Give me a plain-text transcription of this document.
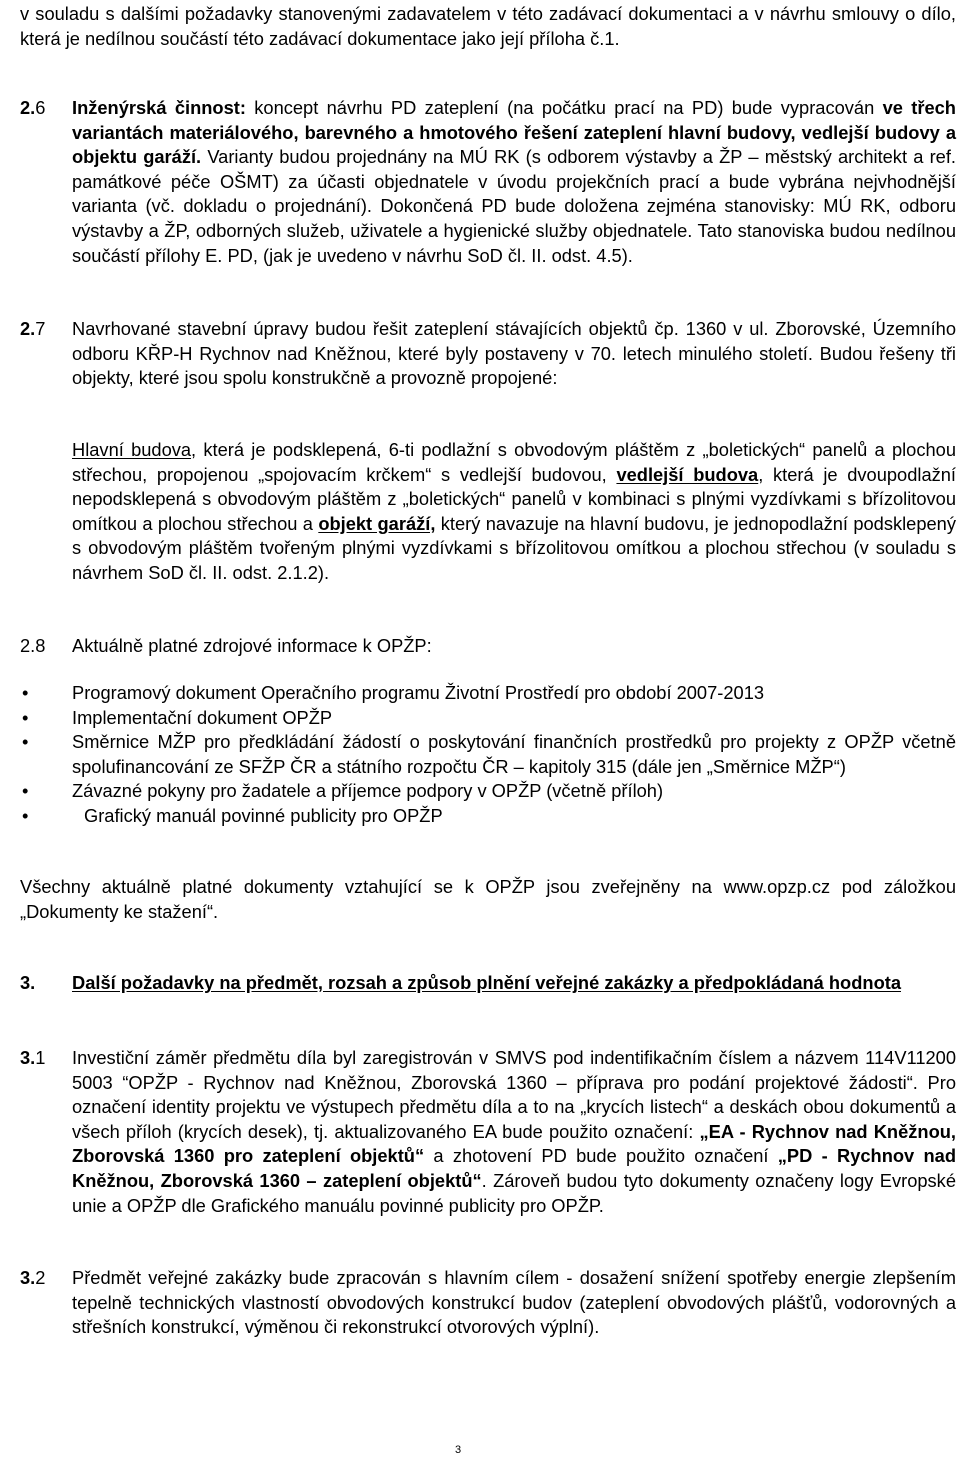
v souladu s dalšími požadavky stanovenými zadavatelem v této zadávací dokumentaci a v návrhu smlouvy o dílo, která je nedílnou součástí této zadávací dokumentace jako její příloha č.1.

2.6 Inženýrská činnost: koncept návrhu PD zateplení (na počátku prací na PD) bude vypracován ve třech variantách materiálového, barevného a hmotového řešení zateplení hlavní budovy, vedlejší budovy a objektu garáží. Varianty budou projednány na MÚ RK (s odborem výstavby a ŽP – městský architekt a ref. památkové péče OŠMT) za účasti objednatele v úvodu projekčních prací a bude vybrána nejvhodnější varianta (vč. dokladu o projednání). Dokončená PD bude doložena zejména stanovisky: MÚ RK, odboru výstavby a ŽP, odborných služeb, uživatele a hygienické služby objednatele. Tato stanoviska budou nedílnou součástí přílohy E. PD, (jak je uvedeno v návrhu SoD čl. II. odst. 4.5).

2.7 Navrhované stavební úpravy budou řešit zateplení stávajících objektů čp. 1360 v ul. Zborovské, Územního odboru KŘP-H Rychnov nad Kněžnou, které byly postaveny v 70. letech minulého století. Budou řešeny tři objekty, které jsou spolu konstrukčně a provozně propojené:

Hlavní budova, která je podsklepená, 6-ti podlažní s obvodovým pláštěm z „boletických“ panelů a plochou střechou, propojenou „spojovacím krčkem“ s vedlejší budovou, vedlejší budova, která je dvoupodlažní nepodsklepená s obvodovým pláštěm z „boletických“ panelů v kombinaci s plnými vyzdívkami s břízolitovou omítkou a plochou střechou a objekt garáží, který navazuje na hlavní budovu, je jednopodlažní podsklepený s obvodovým pláštěm tvořeným plnými vyzdívkami s břízolitovou omítkou a plochou střechou (v souladu s návrhem SoD čl. II. odst. 2.1.2).

2.8 Aktuálně platné zdrojové informace k OPŽP:

• Programový dokument Operačního programu Životní Prostředí pro období 2007-2013
• Implementační dokument OPŽP
• Směrnice MŽP pro předkládání žádostí o poskytování finančních prostředků pro projekty z OPŽP včetně spolufinancování ze SFŽP ČR a státního rozpočtu ČR – kapitoly 315 (dále jen „Směrnice MŽP“)
• Závazné pokyny pro žadatele a příjemce podpory v OPŽP (včetně příloh)
•	Grafický manuál povinné publicity pro OPŽP

Všechny aktuálně platné dokumenty vztahující se k OPŽP jsou zveřejněny na www.opzp.cz pod záložkou „Dokumenty ke stažení“.

3. Další požadavky na předmět, rozsah a způsob plnění veřejné zakázky a předpokládaná hodnota

3.1 Investiční záměr předmětu díla byl zaregistrován v SMVS pod indentifikačním číslem a názvem 114V11200 5003 “OPŽP - Rychnov nad Kněžnou, Zborovská 1360 – příprava pro podání projektové žádosti“. Pro označení identity projektu ve výstupech předmětu díla a to na „krycích listech“ a deskách obou dokumentů a všech příloh (krycích desek), tj. aktualizovaného EA bude použito označení: „EA - Rychnov nad Kněžnou, Zborovská 1360 pro zateplení objektů“ a zhotovení PD bude použito označení „PD - Rychnov nad Kněžnou, Zborovská 1360 – zateplení objektů“. Zároveň budou tyto dokumenty označeny logy Evropské unie a OPŽP dle Grafického manuálu povinné publicity pro OPŽP.

3.2 Předmět veřejné zakázky bude zpracován s hlavním cílem - dosažení snížení spotřeby energie zlepšením tepelně technických vlastností obvodových konstrukcí budov (zateplení obvodových plášťů, vodorovných a střešních konstrukcí, výměnou či rekonstrukcí otvorových výplní).

3
